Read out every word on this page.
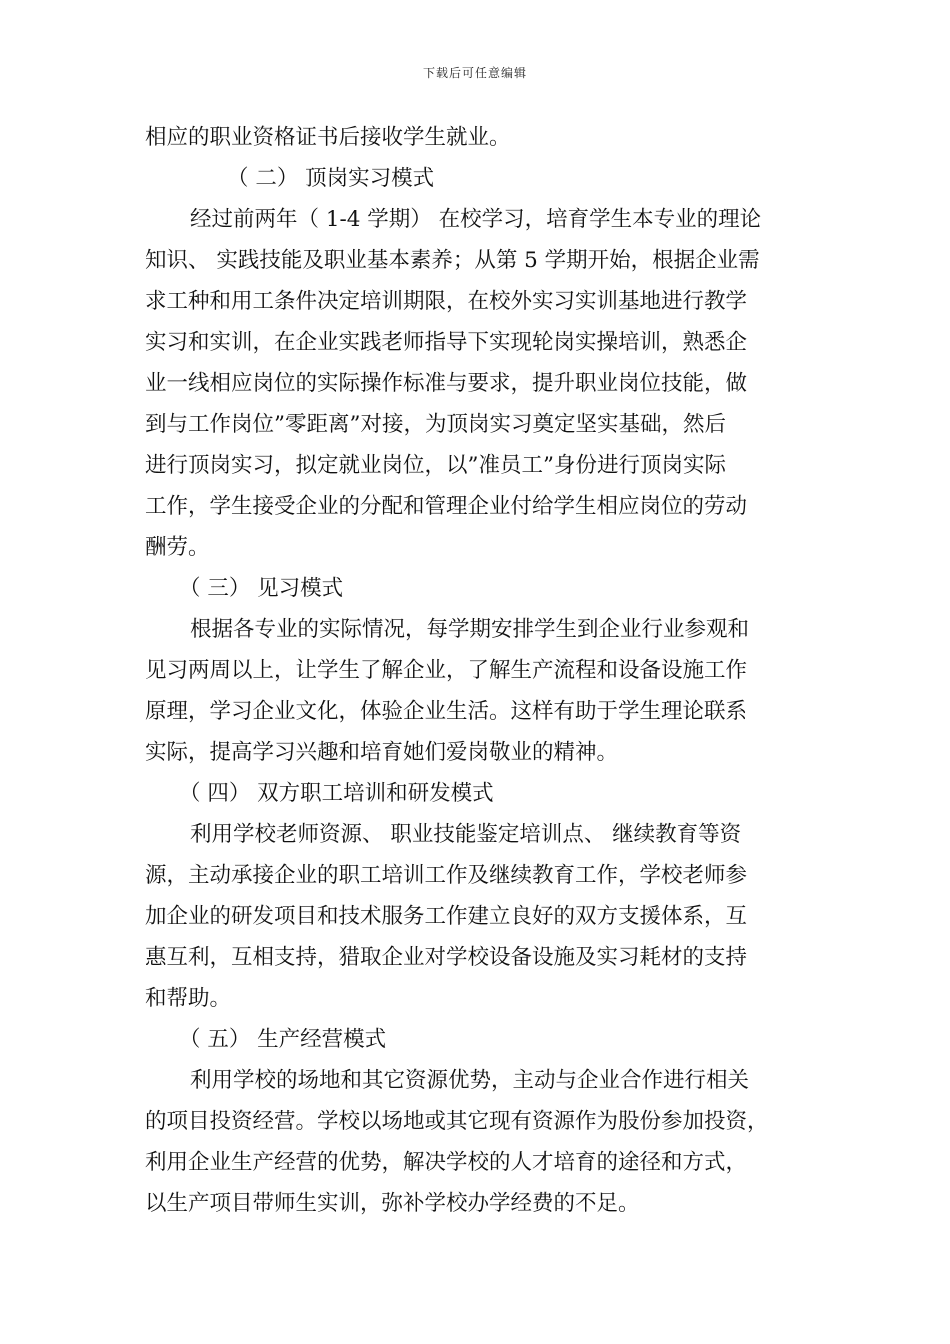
下载后可任意编辑
相应的职业资格证书后接收学生就业。
（ 二） 顶岗实习模式
经过前两年（ 1-4 学期） 在校学习，培育学生本专业的理论
知识、 实践技能及职业基本素养；从第 5 学期开始，根据企业需
求工种和用工条件决定培训期限，在校外实习实训基地进行教学
实习和实训，在企业实践老师指导下实现轮岗实操培训，熟悉企
业一线相应岗位的实际操作标准与要求，提升职业岗位技能，做
到与工作岗位”零距离”对接，为顶岗实习奠定坚实基础，然后
进行顶岗实习，拟定就业岗位，以”准员工”身份进行顶岗实际
工作，学生接受企业的分配和管理企业付给学生相应岗位的劳动
酬劳。
（ 三） 见习模式
根据各专业的实际情况，每学期安排学生到企业行业参观和
见习两周以上，让学生了解企业，了解生产流程和设备设施工作
原理，学习企业文化，体验企业生活。这样有助于学生理论联系
实际，提高学习兴趣和培育她们爱岗敬业的精神。
（ 四） 双方职工培训和研发模式
利用学校老师资源、 职业技能鉴定培训点、 继续教育等资
源，主动承接企业的职工培训工作及继续教育工作，学校老师参
加企业的研发项目和技术服务工作建立良好的双方支援体系，互
惠互利，互相支持，猎取企业对学校设备设施及实习耗材的支持
和帮助。
（ 五） 生产经营模式
利用学校的场地和其它资源优势，主动与企业合作进行相关
的项目投资经营。学校以场地或其它现有资源作为股份参加投资，
利用企业生产经营的优势，解决学校的人才培育的途径和方式，
以生产项目带师生实训，弥补学校办学经费的不足。
